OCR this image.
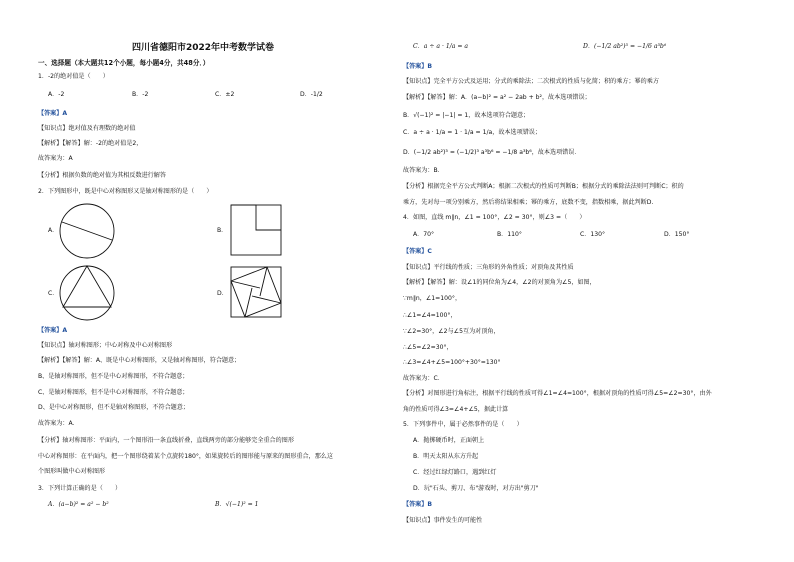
四川省德阳市2022年中考数学试卷
一、选择题（本大题共12个小题，每小题4分，共48分．）
1．-2的绝对值是（　　）
A．-2	B．-2	C．±2	D．-1/2
【答案】A
【知识点】绝对值及有理数的绝对值
【解析】【解答】解：-2的绝对值是2，
故答案为：A
【分析】根据负数的绝对值为其相反数进行解答
2．下列图形中，既是中心对称图形又是轴对称图形的是（　　）
A．	B．
C．	D．
【答案】A
【知识点】轴对称图形；中心对称及中心对称图形
【解析】【解答】解：A、既是中心对称图形，又是轴对称图形，符合题意；
B、是轴对称图形，但不是中心对称图形，不符合题意；
C、是轴对称图形，但不是中心对称图形，不符合题意；
D、是中心对称图形，但不是轴对称图形，不符合题意；
故答案为：A．
【分析】轴对称图形：平面内，一个图形沿一条直线折叠，直线两旁的部分能够完全重合的图形
中心对称图形：在平面内，把一个图形绕着某个点旋转180°，如果旋转后的图形能与原来的图形重合，那么这
个图形叫做中心对称图形
3．下列计算正确的是（　　）
A．(a−b)² = a² − b²	B．√(−1)² = 1
C．a ÷ a · 1/a = a	D．(−1/2 ab²)³ = −1/6 a³b⁶
【答案】B
【知识点】完全平方公式及运用；分式的乘除法；二次根式的性质与化简；积的乘方；幂的乘方
【解析】【解答】解：A．(a−b)² = a² − 2ab + b²，故本选项错误；
B．√(−1)² = |−1| = 1，故本选项符合题意；
C．a ÷ a · 1/a = 1 · 1/a = 1/a，故本选项错误；
D．(−1/2 ab²)³ = (−1/2)³ a³b⁶ = −1/8 a³b⁶，故本选项错误．
故答案为：B．
【分析】根据完全平方公式判断A；根据二次根式的性质可判断B；根据分式的乘除法法则可判断C；积的
乘方，先对每一项分别乘方，然后将结果相乘；幂的乘方，底数不变，指数相乘，据此判断D.
4．如图，直线 m∥n，∠1 = 100°，∠2 = 30°，则∠3 =（　　）
A．70°	B．110°	C．130°	D．150°
【答案】C
【知识点】平行线的性质；三角形的外角性质；对顶角及其性质
【解析】【解答】解：设∠1的同位角为∠4，∠2的对顶角为∠5，如图，
∵m∥n，∠1=100°，
∴∠1=∠4=100°，
∵∠2=30°，∠2与∠5互为对顶角，
∴∠5=∠2=30°，
∴∠3=∠4+∠5=100°+30°=130°
故答案为：C．
【分析】对图形进行角标注，根据平行线的性质可得∠1=∠4=100°，根据对顶角的性质可得∠5=∠2=30°，由外
角的性质可得∠3=∠4+∠5，据此计算
5．下列事件中，属于必然事件的是（　　）
A．抛掷硬币时，正面朝上
B．明天太阳从东方升起
C．经过红绿灯路口，遇到红灯
D．玩"石头、剪刀、布"游戏时，对方出"剪刀"
【答案】B
【知识点】事件发生的可能性
